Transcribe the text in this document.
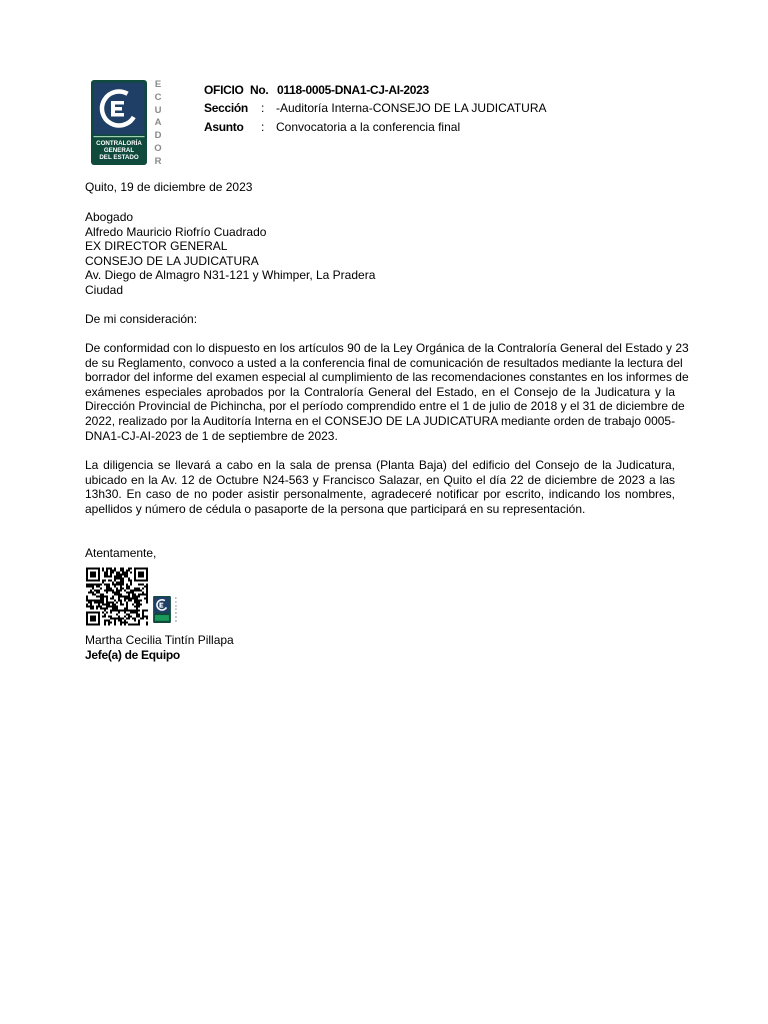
CONTRALORÍA
GENERAL
DEL ESTADO
E
C
U
A
D
O
R
OFICIO No. 0118-0005-DNA1-CJ-AI-2023
Sección : -Auditoría Interna-CONSEJO DE LA JUDICATURA
Asunto : Convocatoria a la conferencia final
Quito, 19 de diciembre de 2023
Abogado
Alfredo Mauricio Riofrío Cuadrado
EX DIRECTOR GENERAL
CONSEJO DE LA JUDICATURA
Av. Diego de Almagro N31-121 y Whimper, La Pradera
Ciudad
De mi consideración:
De conformidad con lo dispuesto en los artículos 90 de la Ley Orgánica de la Contraloría General del Estado y 23
de su Reglamento, convoco a usted a la conferencia final de comunicación de resultados mediante la lectura del
borrador del informe del examen especial al cumplimiento de las recomendaciones constantes en los informes de
exámenes especiales aprobados por la Contraloría General del Estado, en el Consejo de la Judicatura y la
Dirección Provincial de Pichincha, por el período comprendido entre el 1 de julio de 2018 y el 31 de diciembre de
2022, realizado por la Auditoría Interna en el CONSEJO DE LA JUDICATURA mediante orden de trabajo 0005-
DNA1-CJ-AI-2023 de 1 de septiembre de 2023.
La diligencia se llevará a cabo en la sala de prensa (Planta Baja) del edificio del Consejo de la Judicatura,
ubicado en la Av. 12 de Octubre N24-563 y Francisco Salazar, en Quito el día 22 de diciembre de 2023 a las
13h30. En caso de no poder asistir personalmente, agradeceré notificar por escrito, indicando los nombres,
apellidos y número de cédula o pasaporte de la persona que participará en su representación.
Atentamente,
E
C
U
A
D
O
R
Martha Cecilia Tintín Pillapa
Jefe(a) de Equipo
